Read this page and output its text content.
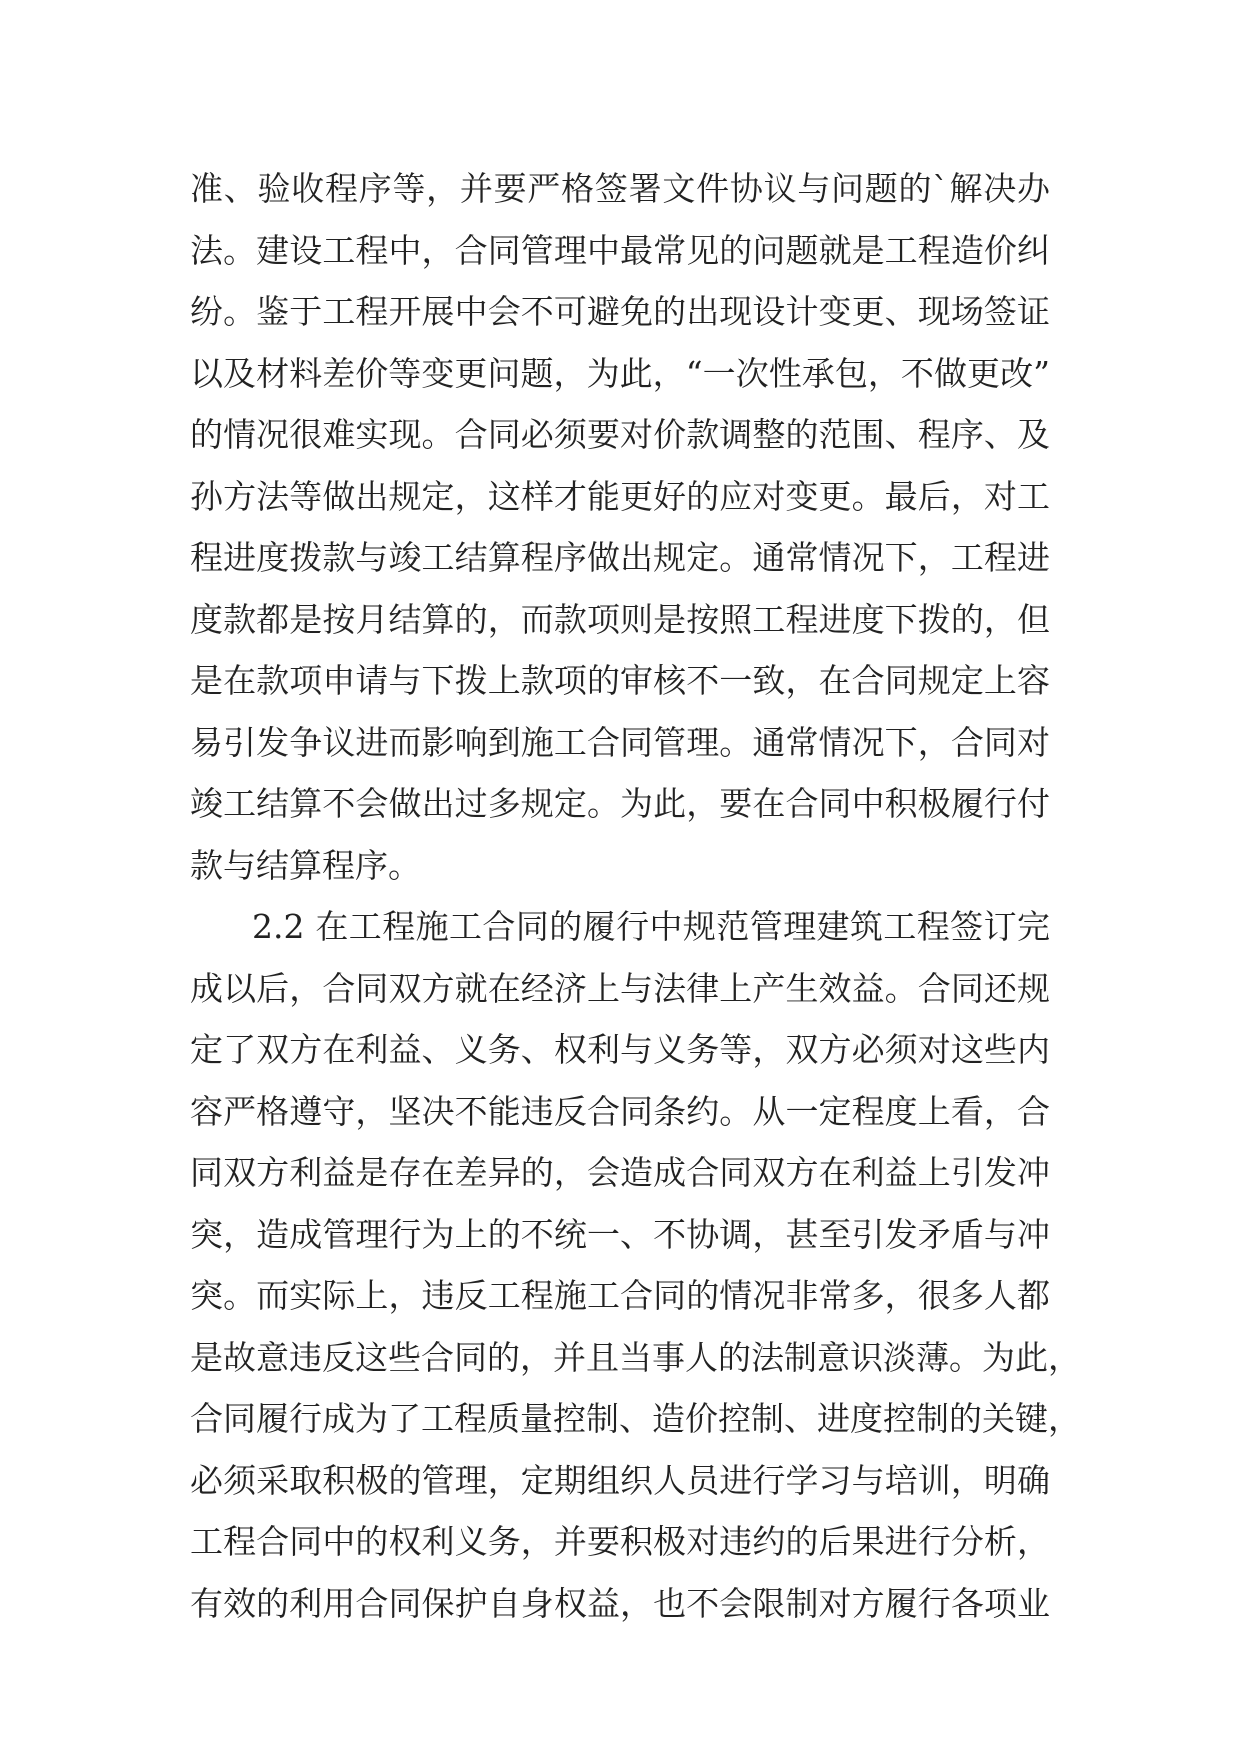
准、验收程序等，并要严格签署文件协议与问题的`解决办
法。建设工程中，合同管理中最常见的问题就是工程造价纠
纷。鉴于工程开展中会不可避免的出现设计变更、现场签证
以及材料差价等变更问题，为此，“一次性承包，不做更改”
的情况很难实现。合同必须要对价款调整的范围、程序、及
孙方法等做出规定，这样才能更好的应对变更。最后，对工
程进度拨款与竣工结算程序做出规定。通常情况下，工程进
度款都是按月结算的，而款项则是按照工程进度下拨的，但
是在款项申请与下拨上款项的审核不一致，在合同规定上容
易引发争议进而影响到施工合同管理。通常情况下，合同对
竣工结算不会做出过多规定。为此，要在合同中积极履行付
款与结算程序。
2.2 在工程施工合同的履行中规范管理建筑工程签订完
成以后，合同双方就在经济上与法律上产生效益。合同还规
定了双方在利益、义务、权利与义务等，双方必须对这些内
容严格遵守，坚决不能违反合同条约。从一定程度上看，合
同双方利益是存在差异的，会造成合同双方在利益上引发冲
突，造成管理行为上的不统一、不协调，甚至引发矛盾与冲
突。而实际上，违反工程施工合同的情况非常多，很多人都
是故意违反这些合同的，并且当事人的法制意识淡薄。为此，
合同履行成为了工程质量控制、造价控制、进度控制的关键，
必须采取积极的管理，定期组织人员进行学习与培训，明确
工程合同中的权利义务，并要积极对违约的后果进行分析，
有效的利用合同保护自身权益，也不会限制对方履行各项业
